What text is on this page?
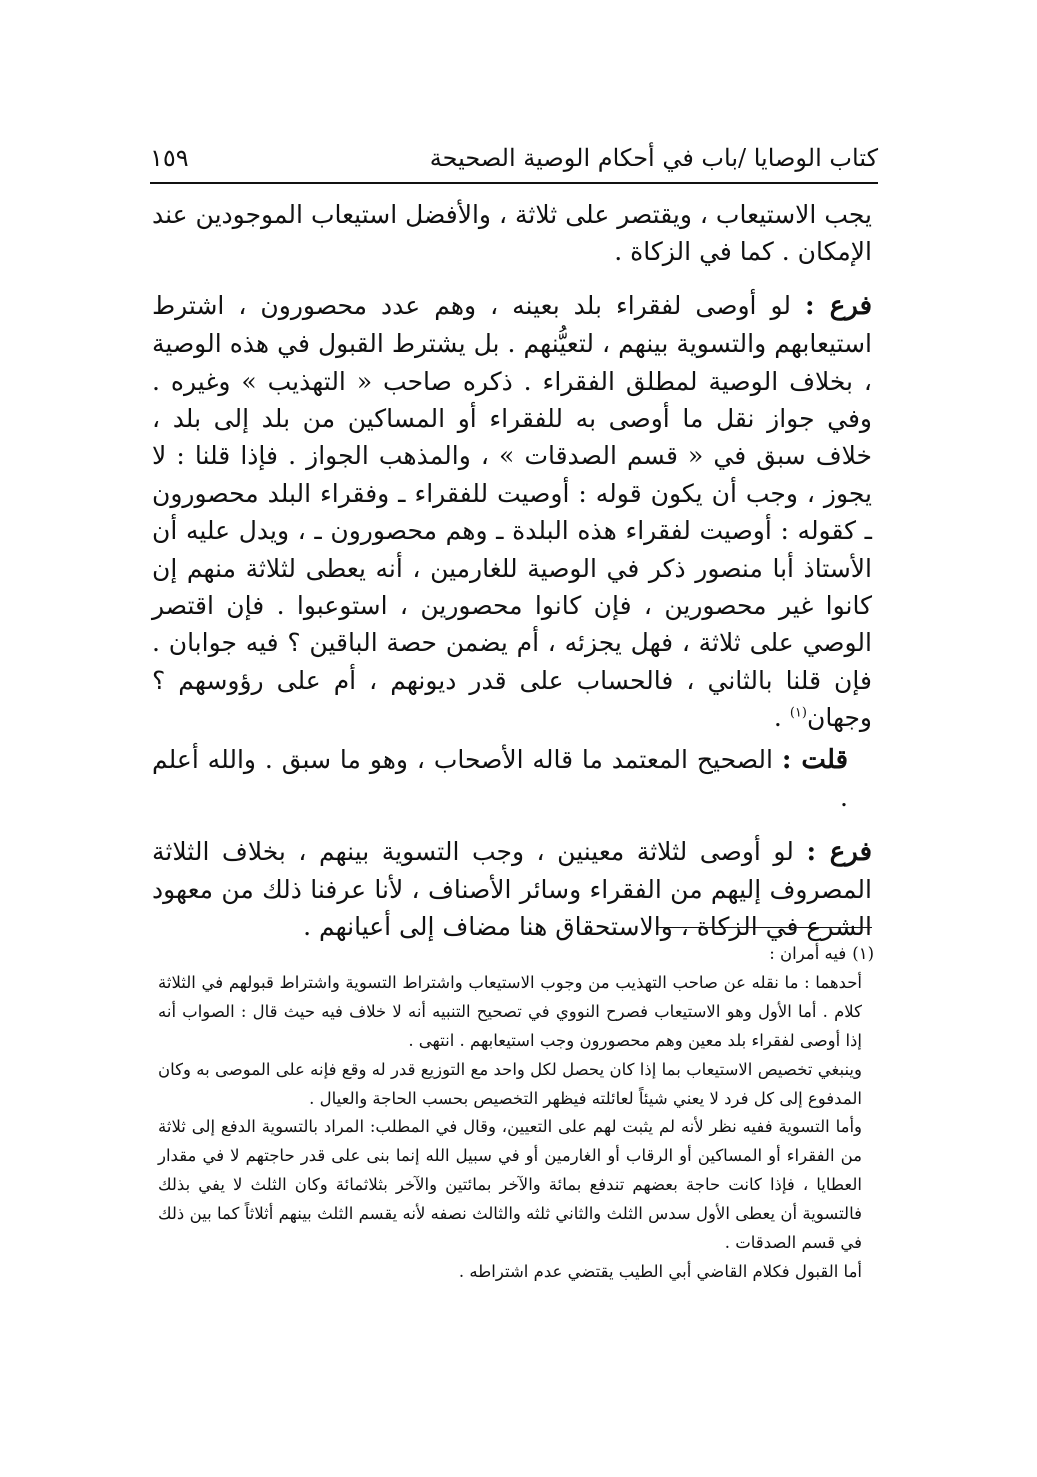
كتاب الوصايا /باب في أحكام الوصية الصحيحة
١٥٩

يجب الاستيعاب ، ويقتصر على ثلاثة ، والأفضل استيعاب الموجودين عند الإمكان . كما في الزكاة .

فرع : لو أوصى لفقراء بلد بعينه ، وهم عدد محصورون ، اشترط استيعابهم والتسوية بينهم ، لتعيُّنهم . بل يشترط القبول في هذه الوصية ، بخلاف الوصية لمطلق الفقراء . ذكره صاحب « التهذيب » وغيره . وفي جواز نقل ما أوصى به للفقراء أو المساكين من بلد إلى بلد ، خلاف سبق في « قسم الصدقات » ، والمذهب الجواز . فإذا قلنا : لا يجوز ، وجب أن يكون قوله : أوصيت للفقراء ـ وفقراء البلد محصورون ـ كقوله : أوصيت لفقراء هذه البلدة ـ وهم محصورون ـ ، ويدل عليه أن الأستاذ أبا منصور ذكر في الوصية للغارمين ، أنه يعطى لثلاثة منهم إن كانوا غير محصورين ، فإن كانوا محصورين ، استوعبوا . فإن اقتصر الوصي على ثلاثة ، فهل يجزئه ، أم يضمن حصة الباقين ؟ فيه جوابان . فإن قلنا بالثاني ، فالحساب على قدر ديونهم ، أم على رؤوسهم ؟ وجهان$^{(١)}$ .

قلت : الصحيح المعتمد ما قاله الأصحاب ، وهو ما سبق . والله أعلم .

فرع : لو أوصى لثلاثة معينين ، وجب التسوية بينهم ، بخلاف الثلاثة المصروف إليهم من الفقراء وسائر الأصناف ، لأنا عرفنا ذلك من معهود الشرع في الزكاة ، والاستحقاق هنا مضاف إلى أعيانهم .

(١)فيه أمران :

أحدهما : ما نقله عن صاحب التهذيب من وجوب الاستيعاب واشتراط التسوية واشتراط قبولهم في الثلاثة كلام . أما الأول وهو الاستيعاب فصرح النووي في تصحيح التنبيه أنه لا خلاف فيه حيث قال : الصواب أنه إذا أوصى لفقراء بلد معين وهم محصورون وجب استيعابهم . انتهى .

وينبغي تخصيص الاستيعاب بما إذا كان يحصل لكل واحد مع التوزيع قدر له وقع فإنه على الموصى به وكان المدفوع إلى كل فرد لا يعني شيئاً لعائلته فيظهر التخصيص بحسب الحاجة والعيال .

وأما التسوية ففيه نظر لأنه لم يثبت لهم على التعيين، وقال في المطلب: المراد بالتسوية الدفع إلى ثلاثة من الفقراء أو المساكين أو الرقاب أو الغارمين أو في سبيل الله إنما بنى على قدر حاجتهم لا في مقدار العطايا ، فإذا كانت حاجة بعضهم تندفع بمائة والآخر بمائتين والآخر بثلاثمائة وكان الثلث لا يفي بذلك فالتسوية أن يعطى الأول سدس الثلث والثاني ثلثه والثالث نصفه لأنه يقسم الثلث بينهم أثلاثاً كما بين ذلك في قسم الصدقات .

أما القبول فكلام القاضي أبي الطيب يقتضي عدم اشتراطه .
